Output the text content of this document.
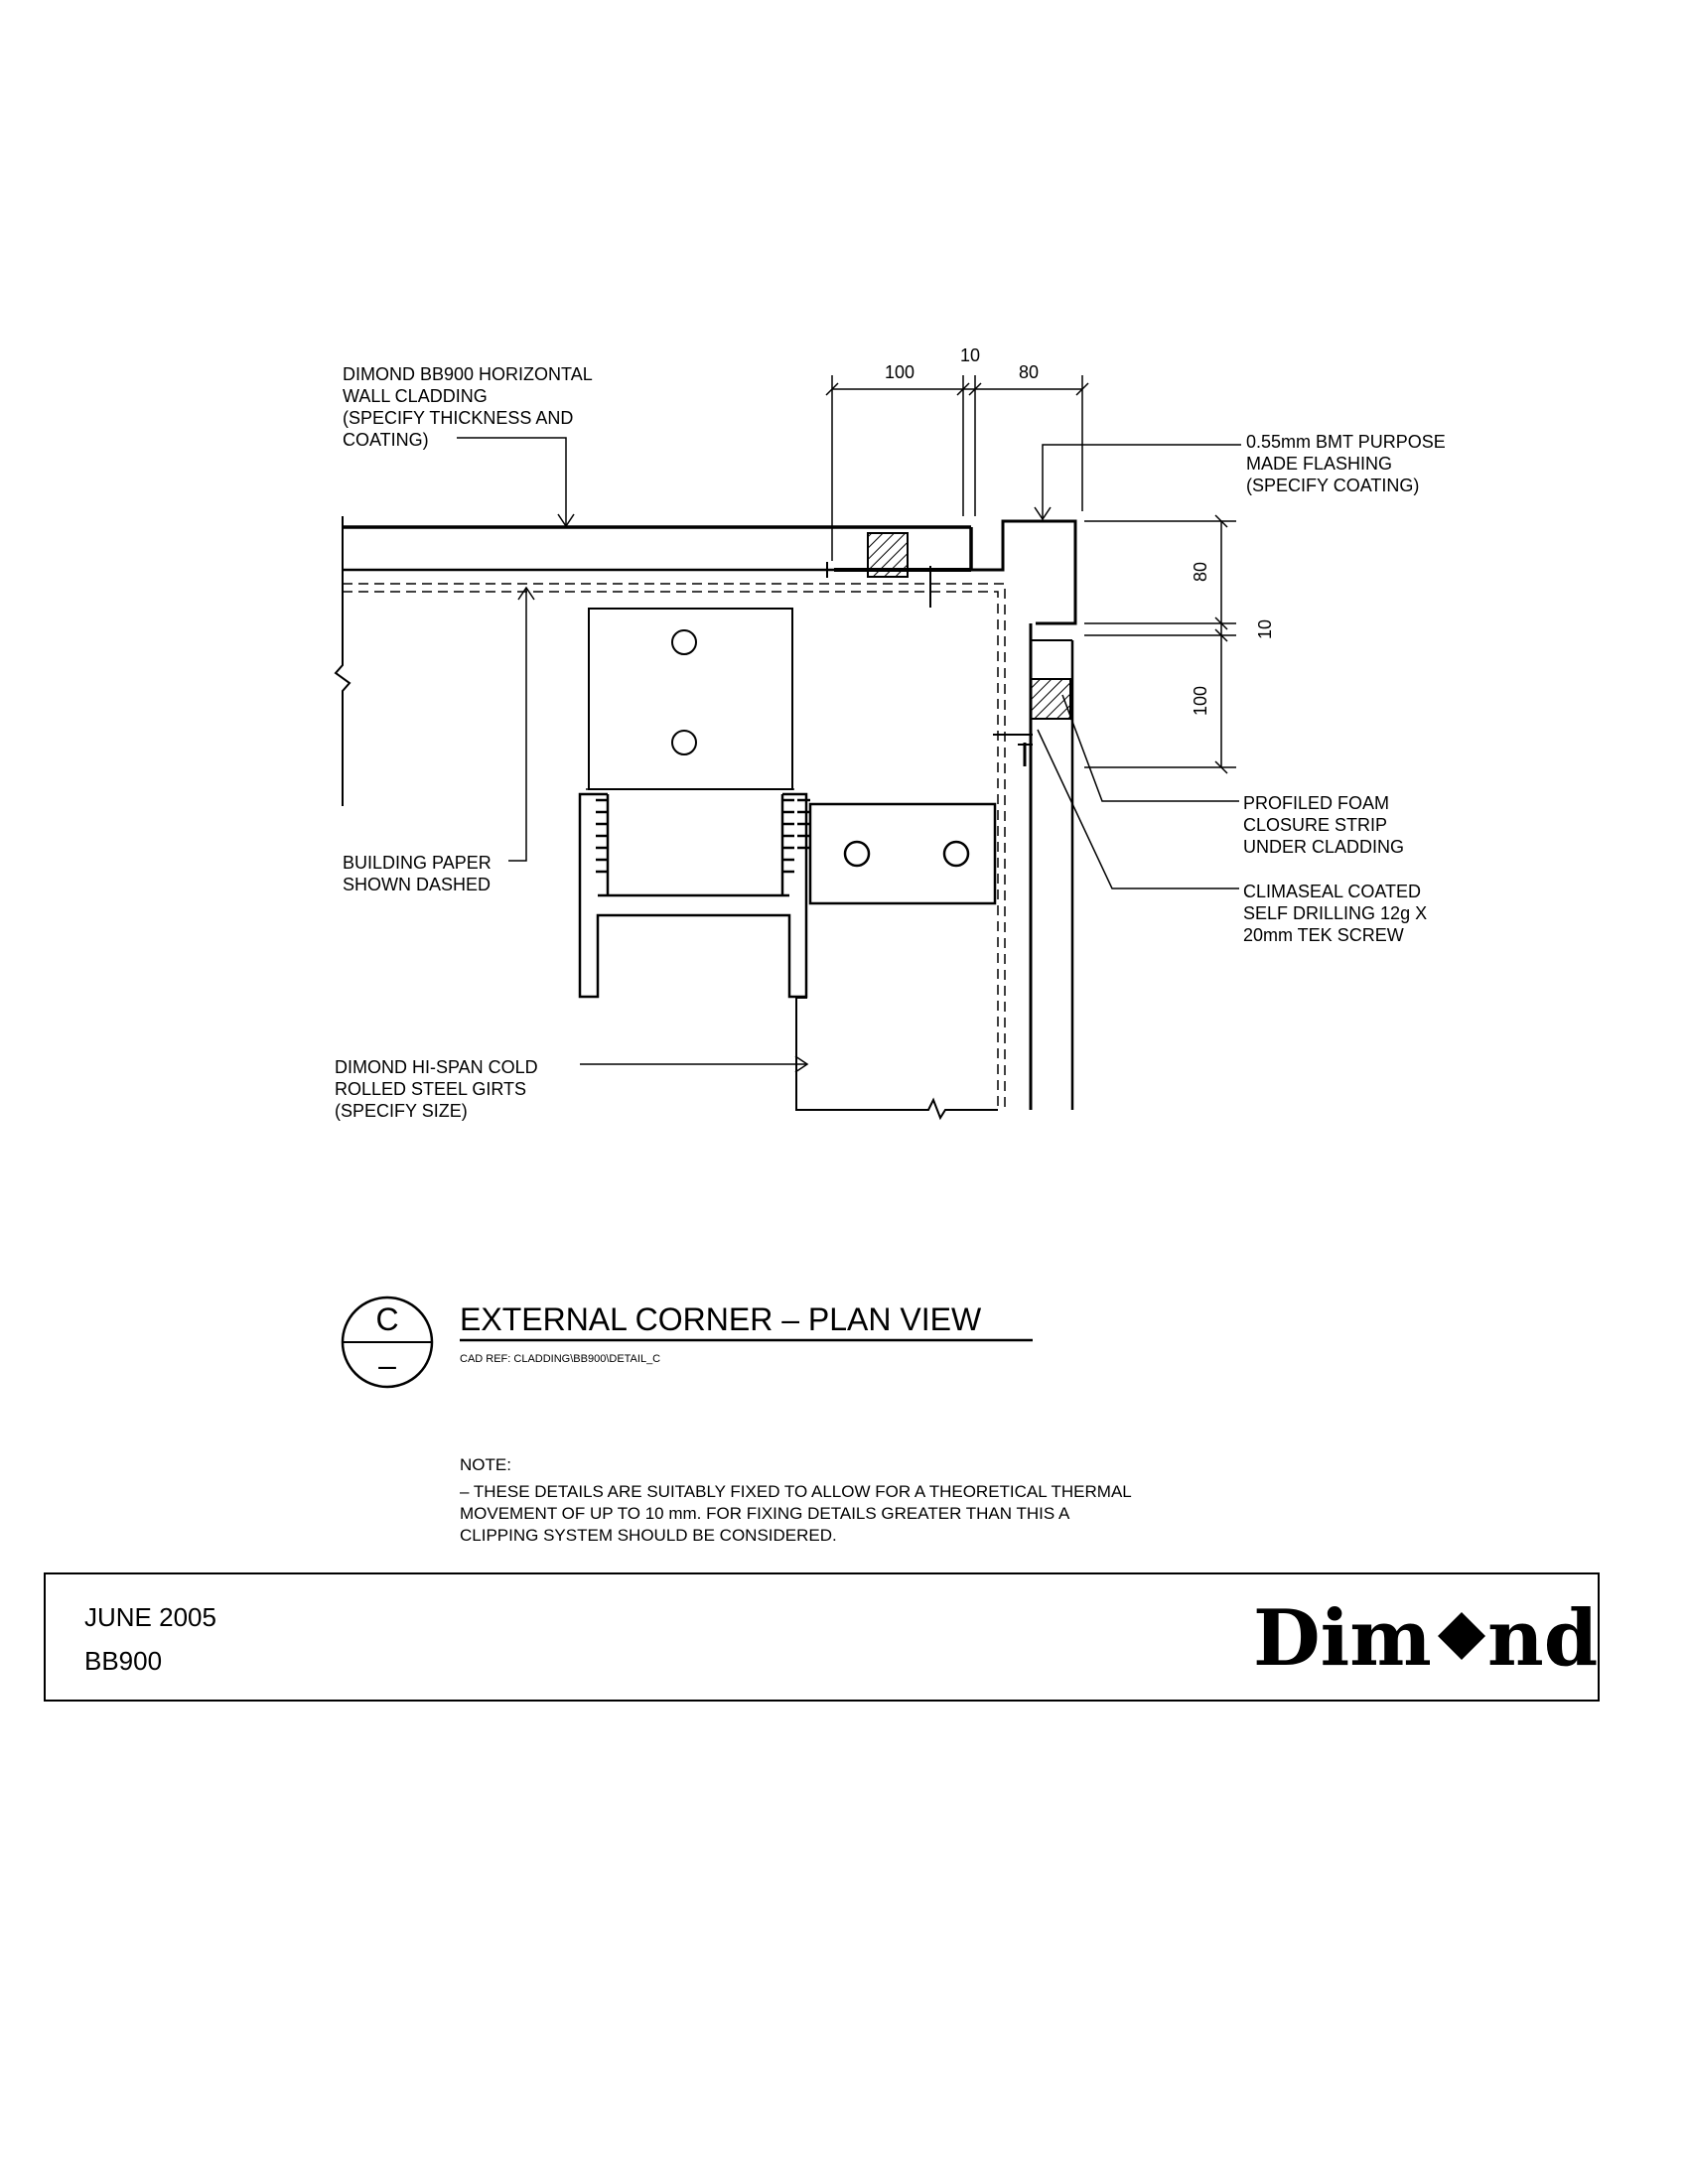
100
10
80
80
10
100
DIMOND BB900 HORIZONTAL
WALL CLADDING
(SPECIFY THICKNESS AND
COATING)	0.55mm BMT PURPOSE
MADE FLASHING
(SPECIFY COATING)
BUILDING PAPER
SHOWN DASHED
PROFILED FOAM
CLOSURE STRIP
UNDER CLADDING
CLIMASEAL COATED
SELF DRILLING 12g X
20mm TEK SCREW
DIMOND HI-SPAN COLD
ROLLED STEEL GIRTS
(SPECIFY SIZE)
C
–
EXTERNAL CORNER – PLAN VIEW
CAD REF: CLADDING\BB900\DETAIL_C
NOTE:
– THESE DETAILS ARE SUITABLY FIXED TO ALLOW FOR A THEORETICAL THERMAL
MOVEMENT OF UP TO 10 mm. FOR FIXING DETAILS GREATER THAN THIS A
CLIPPING SYSTEM SHOULD BE CONSIDERED.
JUNE 2005
BB900	Dim nd
